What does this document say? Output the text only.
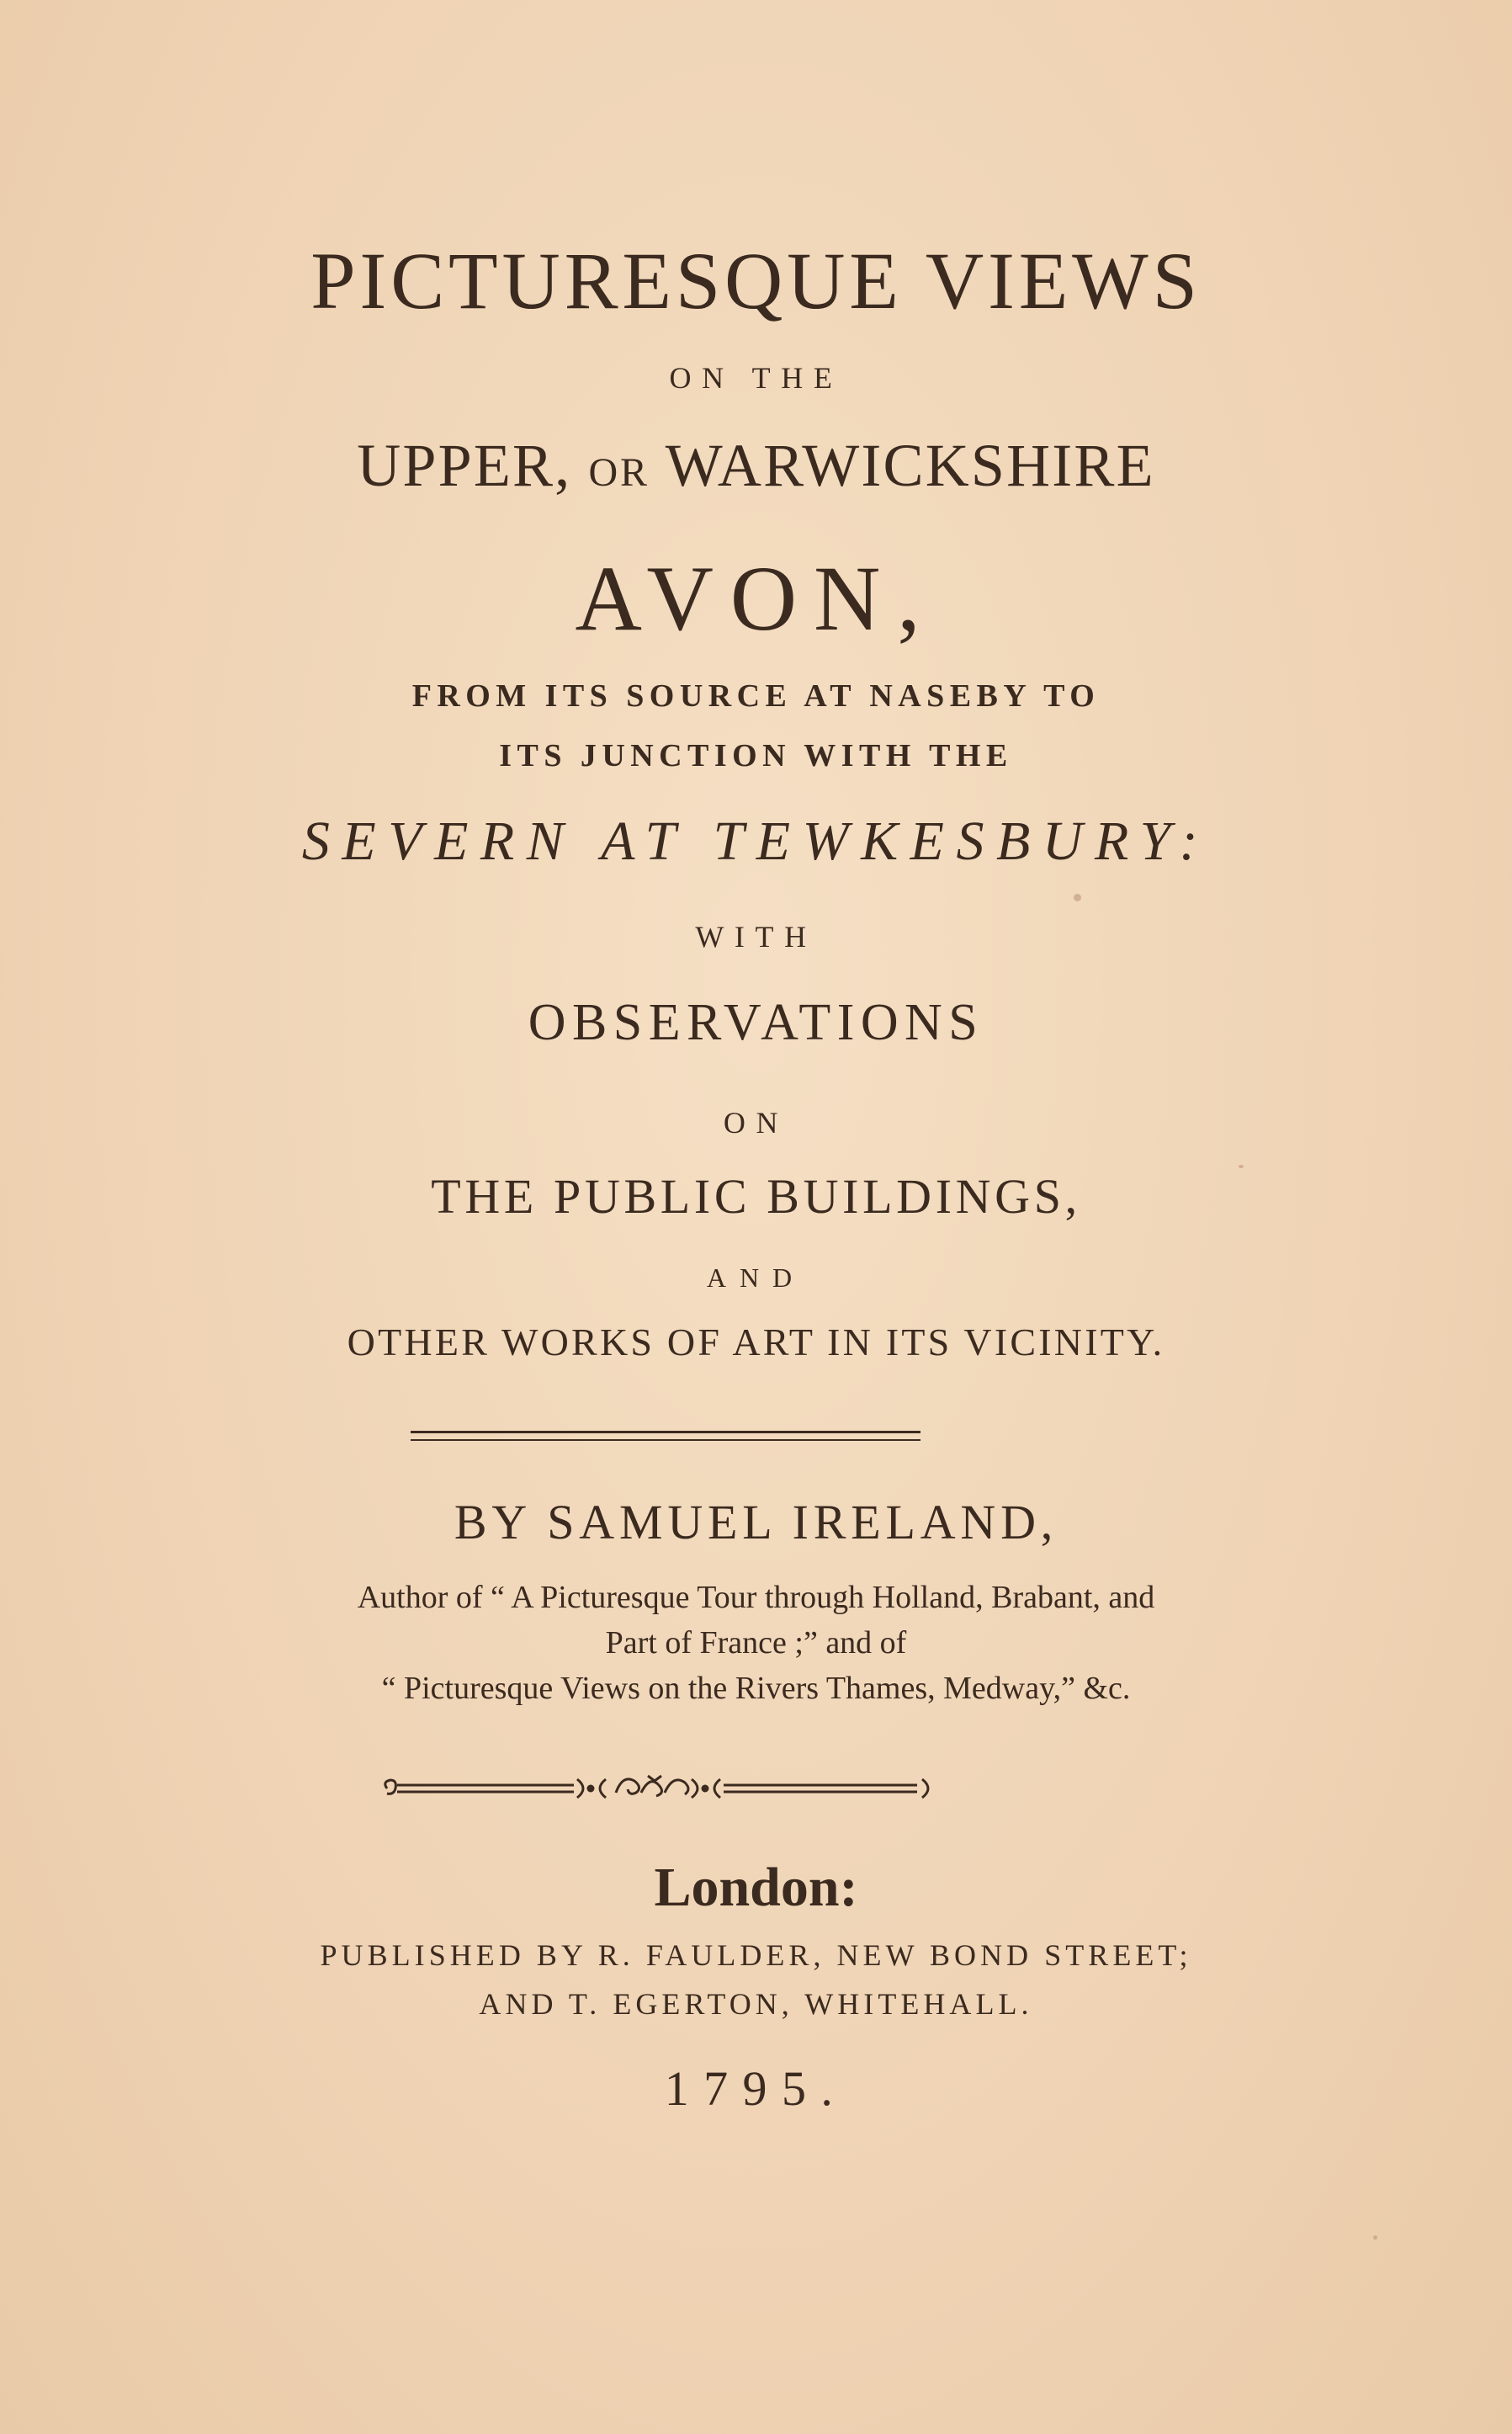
PICTURESQUE VIEWS
ON THE
UPPER, OR WARWICKSHIRE
AVON,
FROM ITS SOURCE AT NASEBY TO
ITS JUNCTION WITH THE
SEVERN AT TEWKESBURY:
WITH
OBSERVATIONS
ON
THE PUBLIC BUILDINGS,
AND
OTHER WORKS OF ART IN ITS VICINITY.
BY SAMUEL IRELAND,
Author of “ A Picturesque Tour through Holland, Brabant, and
Part of France ;” and of
“ Picturesque Views on the Rivers Thames, Medway,” &c.
London:
PUBLISHED BY R. FAULDER, NEW BOND STREET;
AND T. EGERTON, WHITEHALL.
1795.
